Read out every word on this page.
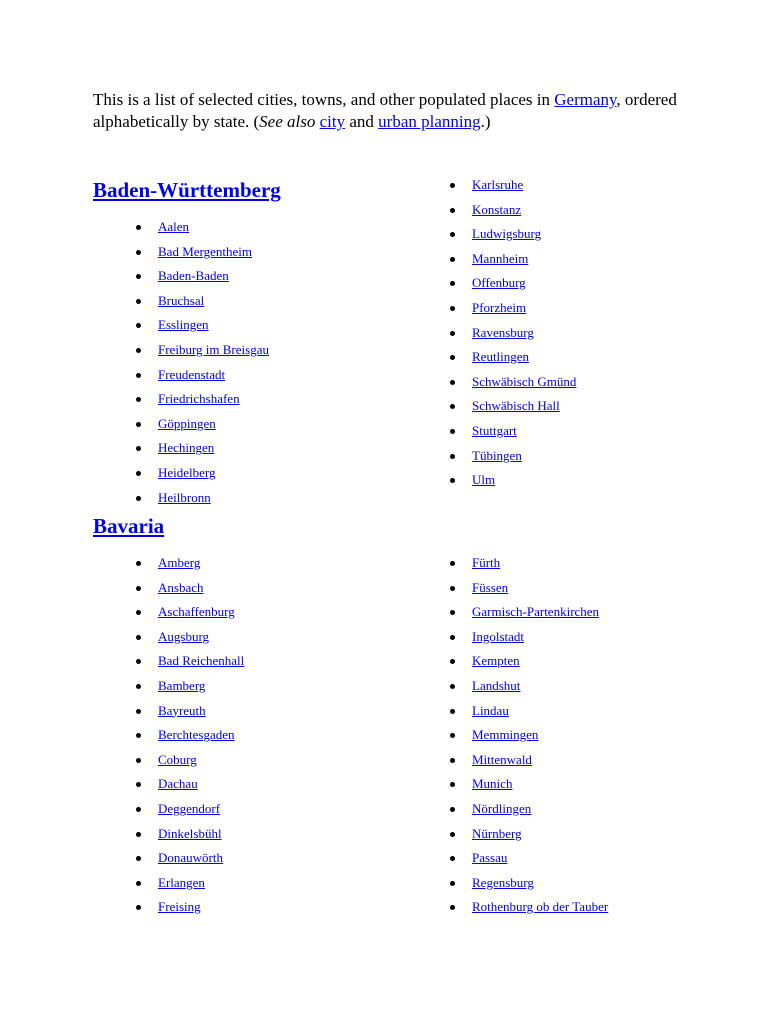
This is a list of selected cities, towns, and other populated places in Germany, ordered alphabetically by state. (See also city and urban planning.)

Baden-Württemberg
Aalen
Bad Mergentheim
Baden-Baden
Bruchsal
Esslingen
Freiburg im Breisgau
Freudenstadt
Friedrichshafen
Göppingen
Hechingen
Heidelberg
Heilbronn
Karlsruhe
Konstanz
Ludwigsburg
Mannheim
Offenburg
Pforzheim
Ravensburg
Reutlingen
Schwäbisch Gmünd
Schwäbisch Hall
Stuttgart
Tübingen
Ulm
Bavaria
Amberg
Ansbach
Aschaffenburg
Augsburg
Bad Reichenhall
Bamberg
Bayreuth
Berchtesgaden
Coburg
Dachau
Deggendorf
Dinkelsbühl
Donauwörth
Erlangen
Freising
Fürth
Füssen
Garmisch-Partenkirchen
Ingolstadt
Kempten
Landshut
Lindau
Memmingen
Mittenwald
Munich
Nördlingen
Nürnberg
Passau
Regensburg
Rothenburg ob der Tauber
